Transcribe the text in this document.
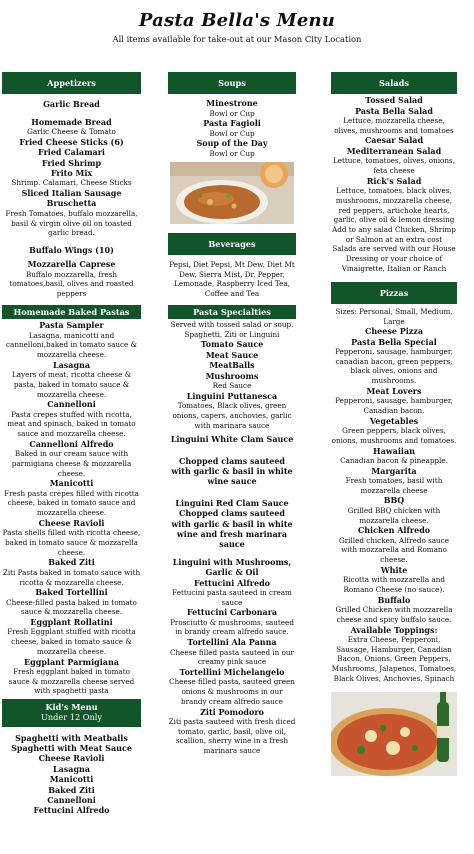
Pasta Bella's Menu
All items available for take-out at our Mason City Location
Appetizers
Garlic Bread
Homemade Bread
Garlic Cheese & Tomato
Fried Cheese Sticks (6)
Fried Calamari
Fried Shrimp
Frito Mix
Shrimp. Calamari, Cheese Sticks
Sliced Italian Sausage
Bruschetta
Fresh Tomatoes, buffalo mozzarella, basil & virgin olive oil on toasted garlic bread.
Buffalo Wings (10)
Mozzarella Caprese
Buffalo mozzarella, fresh tomatoes,basil, olives and roasted peppers
Homemade Baked Pastas
Pasta Sampler
Lasagna, manicotti and cannelloni,baked in tomato sauce & mozzarella cheese.
Lasagna
Layers of meat, ricotta cheese & pasta, baked in tomato sauce & mozzarella cheese.
Cannelloni
Pasta crepes stuffed with ricotta, meat and spinach, baked in tomato sauce and mozzarella cheese.
Cannelloni Alfredo
Baked in our cream sauce with parmigiana cheese & mozzarella cheese.
Manicotti
Fresh pasta crepes filled with ricotta cheese, baked in tomato sauce and mozzarella cheese.
Cheese Ravioli
Pasta shells filled with ricotta cheese, baked in tomato sauce & mozzarella cheese.
Baked Ziti
Ziti Pasta baked in tomato sauce with ricotta & mozzarella cheese.
Baked Tortellini
Cheese-filled pasta baked in tomato sauce & mozzarella cheese.
Eggplant Rollatini
Fresh Eggplant stuffed with ricotta cheese, baked in tomato sauce & mozzarella cheese.
Eggplant Parmigiana
Fresh eggplant baked in tomato sauce & mozzarella cheese served with spaghetti pasta
Kid's Menu
Under 12 Only
Spaghetti with Meatballs
Spaghetti with Meat Sauce
Cheese Ravioli
Lasagna
Manicotti
Baked Ziti
Cannelloni
Fettucini Alfredo
Soups
Minestrone
Bowl or Cup
Pasta Fagioli
Bowl or Cup
Soup of the Day
Bowl or Cup
Beverages
Pepsi, Diet Pepsi, Mt Dew, Diet Mt Dew, Sierra Mist, Dr. Pepper, Lemonade, Raspberry Iced Tea, Coffee and Tea
Pasta Specialties
Served with tossed salad or soup.
Spaghetti, Ziti or Linguini
Tomato Sauce
Meat Sauce
MeatBalls
Mushrooms
Red Sauce
Linguini Puttanesca
Tomatoes, Black olives, green onions, capers, anchovies, garlic with marinara sauce
Linguini White Clam Sauce
Chopped clams sauteed with garlic & basil in white wine sauce
Linguini Red Clam Sauce
Chopped clams sauteed with garlic & basil in white wine and fresh marinara sauce
Linguini with Mushrooms, Garlic & Oil
Fettucini Alfredo
Fettucini pasta sauteed in cream sauce
Fettucini Carbonara
Prosciutto & mushrooms, sauteed in brandy cream alfredo sauce.
Tortellini Ala Panna
Cheese filled pasta sauteed in our creamy pink sauce
Tortellini Michelangelo
Cheese filled pasta, sauteed green onions & mushrooms in our brandy cream alfredo sauce
Ziti Pomodoro
Ziti pasta sauteed with fresh diced tomato, garlic, basil, olive oil, scallion, sherry wine in a fresh marinara sauce
Salads
Tossed Salad
Pasta Bella Salad
Lettuce, mozzarella cheese, olives, mushrooms and tomatoes
Caesar Salad
Mediterranean Salad
Lettuce, tomatoes, olives, onions, feta cheese
Rick's Salad
Lettuce, tomatoes, black olives, mushrooms, mozzarella cheese, red peppers, artichoke hearts, garlic, olive oil & lemon dressing
Add to any salad Chicken, Shrimp or Salmon at an extra cost
Salads are served with our House Dressing or your choice of Vinaigrette, Italian or Ranch
Pizzas
Sizes: Personal, Small, Medium, Large
Cheese Pizza
Pasta Bella Special
Pepperoni, sausage, hamburger, canadian bacon, green peppers, black olives, onions and mushrooms.
Meat Lovers
Pepperoni, sausage, hamburger, Canadian bacon.
Vegetables
Green peppers, black olives, onions, mushrooms and tomatoes.
Hawaiian
Canadian bacon & pineapple.
Margarita
Fresh tomatoes, basil with mozzarella cheese
BBQ
Grilled BBQ chicken with mozzarella cheese.
Chicken Alfredo
Grilled chicken, Alfredo sauce with mozzarella and Romano cheese.
White
Ricotta with mozzarella and Romano Cheese (no sauce).
Buffalo
Grilled Chicken with mozzarella cheese and spicy buffalo sauce.
Available Toppings:
Extra Cheese, Pepperoni, Sausage, Hamburger, Canadian Bacon, Onions, Green Peppers, Mushrooms, Jalapenos, Tomatoes, Black Olives, Anchovies, Spinach
